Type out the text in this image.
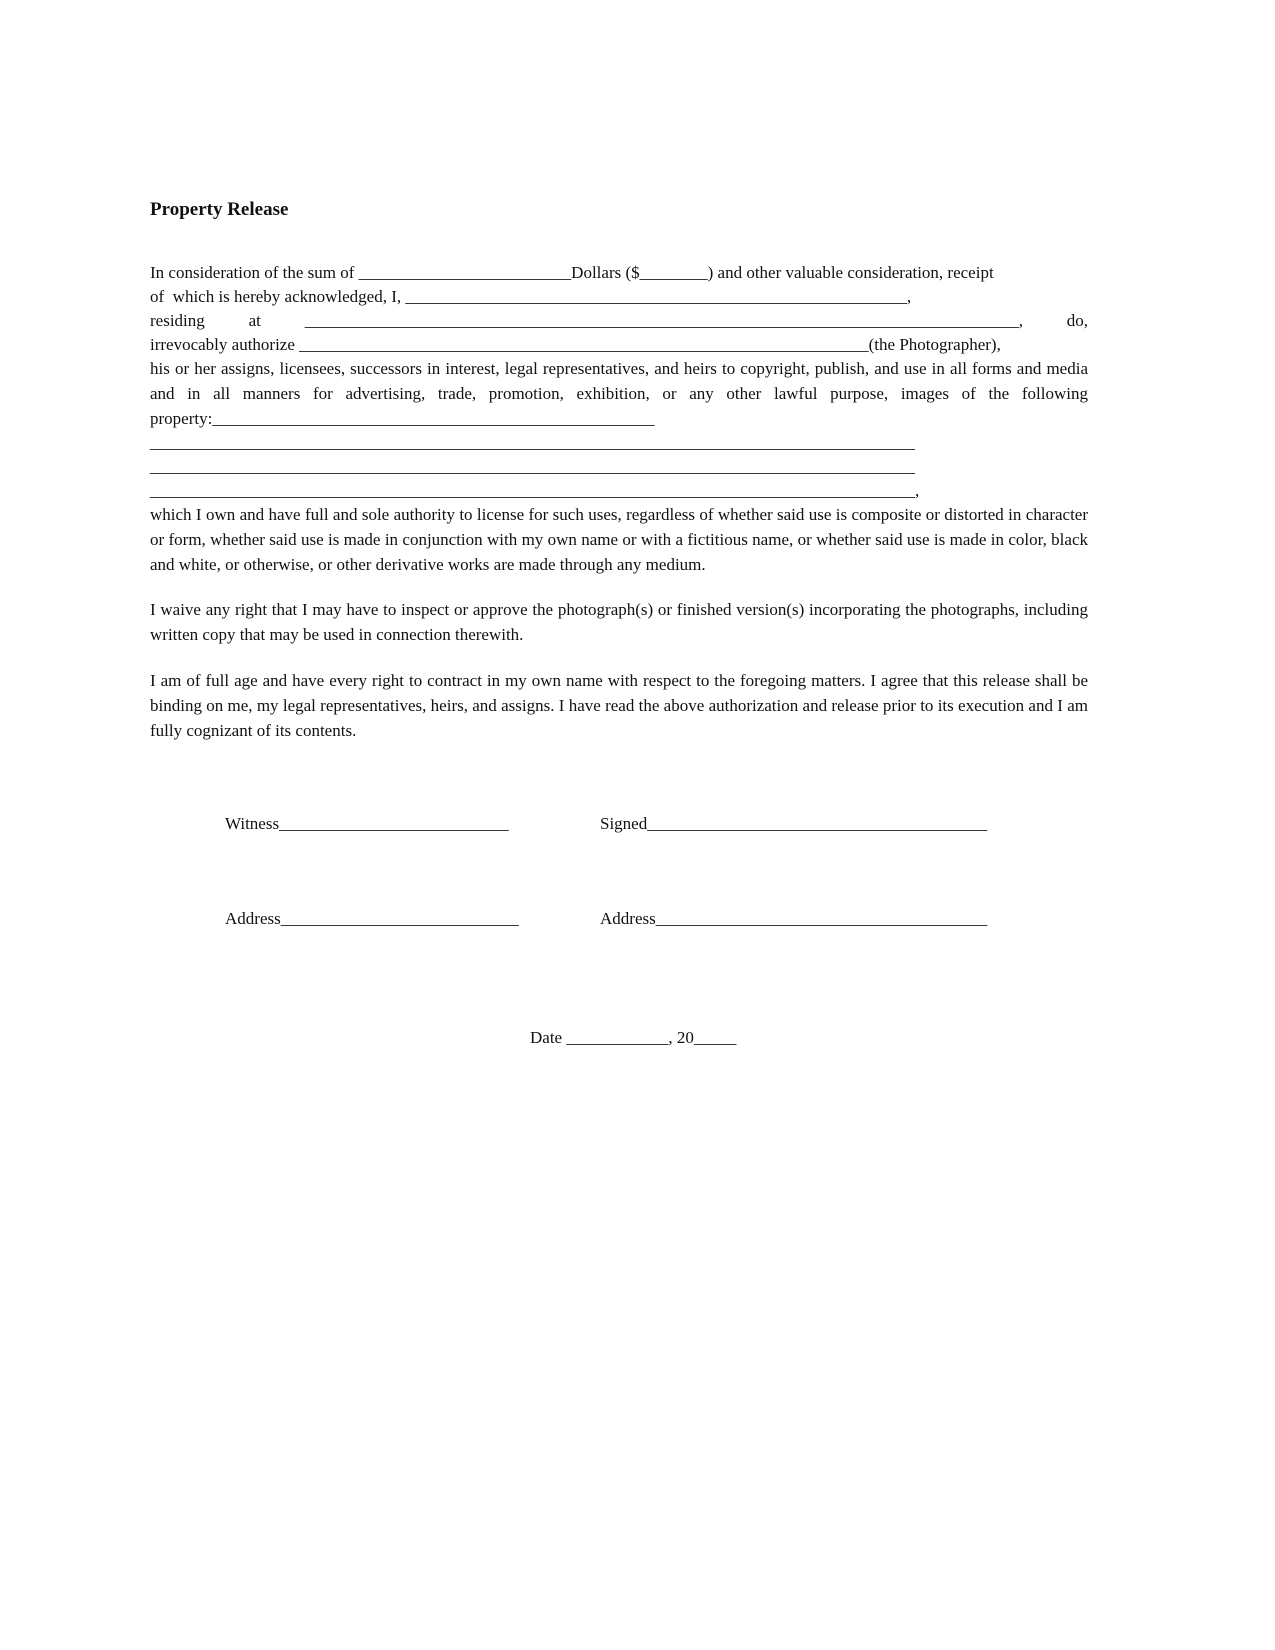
Property Release
In consideration of the sum of _________________________Dollars ($________) and other valuable consideration, receipt
of  which is hereby acknowledged, I, ___________________________________________________________,
residing	at	____________________________________________________________________________________,	do,
irrevocably authorize ___________________________________________________________________(the Photographer),
his or her assigns, licensees, successors in interest, legal representatives, and heirs to copyright, publish, and use in all forms and media and in all manners for advertising, trade, promotion, exhibition, or any other lawful purpose, images of the following property:____________________________________________________
__________________________________________________________________________________________
__________________________________________________________________________________________
__________________________________________________________________________________________,
which I own and have full and sole authority to license for such uses, regardless of whether said use is composite or distorted in character or form, whether said use is made in conjunction with my own name or with a fictitious name, or whether said use is made in color, black and white, or otherwise, or other derivative works are made through any medium.
I waive any right that I may have to inspect or approve the photograph(s) or finished version(s) incorporating the photographs, including written copy that may be used in connection therewith.
I am of full age and have every right to contract in my own name with respect to the foregoing matters. I agree that this release shall be binding on me, my legal representatives, heirs, and assigns. I have read the above authorization and release prior to its execution and I am fully cognizant of its contents.
Witness___________________________	Signed________________________________________
Address____________________________	Address_______________________________________
Date ____________, 20_____
